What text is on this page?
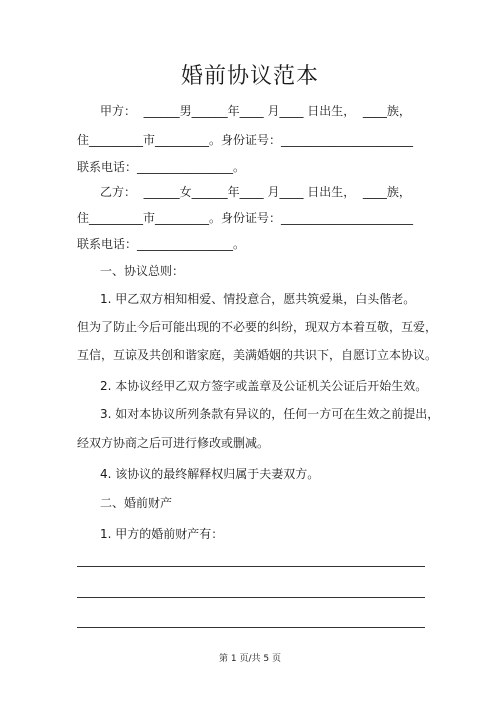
婚前协议范本
甲方：  ______男______年____ 月____ 日出生，  ____族，
住_________市_________。身份证号：______________________
联系电话：________________。
乙方：  ______女______年____ 月____ 日出生，  ____族，
住_________市_________。身份证号：______________________
联系电话：________________。
一、协议总则：
1. 甲乙双方相知相爱、情投意合，愿共筑爱巢，白头偕老。
但为了防止今后可能出现的不必要的纠纷，现双方本着互敬，互爱，
互信，互谅及共创和谐家庭，美满婚姻的共识下，自愿订立本协议。
2. 本协议经甲乙双方签字或盖章及公证机关公证后开始生效。
3. 如对本协议所列条款有异议的，任何一方可在生效之前提出，
经双方协商之后可进行修改或删减。
4. 该协议的最终解释权归属于夫妻双方。
二、婚前财产
1. 甲方的婚前财产有：
第 1 页/共 5 页
